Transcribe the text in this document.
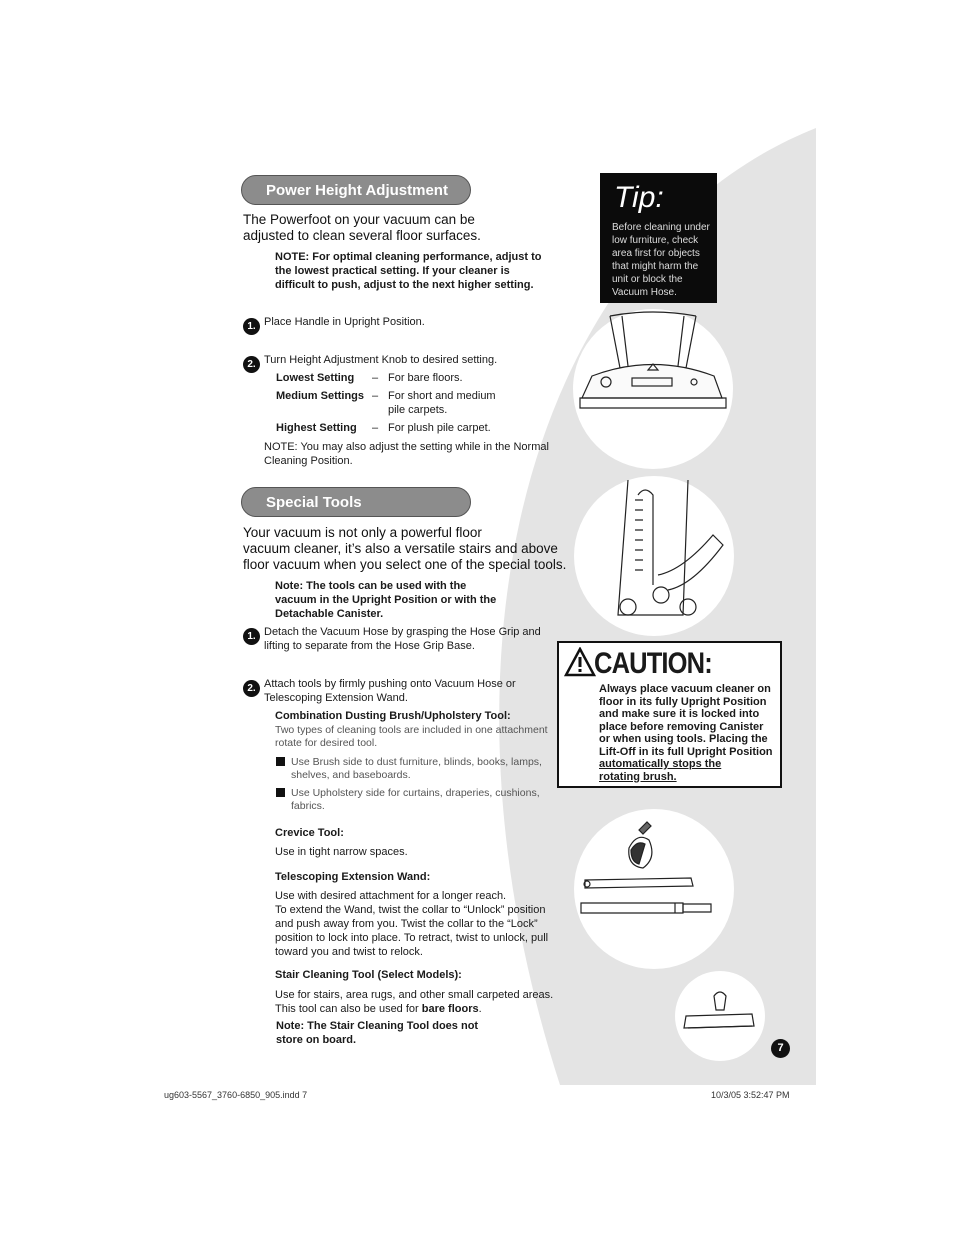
Power Height Adjustment
The Powerfoot on your vacuum can be
adjusted to clean several floor surfaces.
NOTE: For optimal cleaning performance, adjust to
the lowest practical setting. If your cleaner is
difficult to push, adjust to the next higher setting.
1. Place Handle in Upright Position.
2. Turn Height Adjustment Knob to desired setting.
Lowest Setting – For bare floors.
Medium Settings – For short and medium
pile carpets.
Highest Setting – For plush pile carpet.
NOTE: You may also adjust the setting while in the Normal
Cleaning Position.
Special Tools
Your vacuum is not only a powerful floor
vacuum cleaner, it’s also a versatile stairs and above
floor vacuum when you select one of the special tools.
Note: The tools can be used with the
vacuum in the Upright Position or with the
Detachable Canister.
1. Detach the Vacuum Hose by grasping the Hose Grip and
lifting to separate from the Hose Grip Base.
2. Attach tools by firmly pushing onto Vacuum Hose or
Telescoping Extension Wand.
Combination Dusting Brush/Upholstery Tool:
Two types of cleaning tools are included in one attachment
rotate for desired tool.
Use Brush side to dust furniture, blinds, books, lamps,
shelves, and baseboards.
Use Upholstery side for curtains, draperies, cushions,
fabrics.
Crevice Tool:
Use in tight narrow spaces.
Telescoping Extension Wand:
Use with desired attachment for a longer reach.
To extend the Wand, twist the collar to “Unlock” position
and push away from you. Twist the collar to the “Lock”
position to lock into place. To retract, twist to unlock, pull
toward you and twist to relock.
Stair Cleaning Tool (Select Models):
Use for stairs, area rugs, and other small carpeted areas.
This tool can also be used for bare floors.
Note: The Stair Cleaning Tool does not
store on board.
Tip:
Before cleaning under low furniture, check area first for objects that might harm the unit or block the Vacuum Hose.
CAUTION:
Always place vacuum cleaner on
floor in its fully Upright Position
and make sure it is locked into
place before removing Canister
or when using tools. Placing the
Lift-Off in its full Upright Position
automatically stops the
rotating brush.
7
ug603-5567_3760-6850_905.indd 7	10/3/05 3:52:47 PM
